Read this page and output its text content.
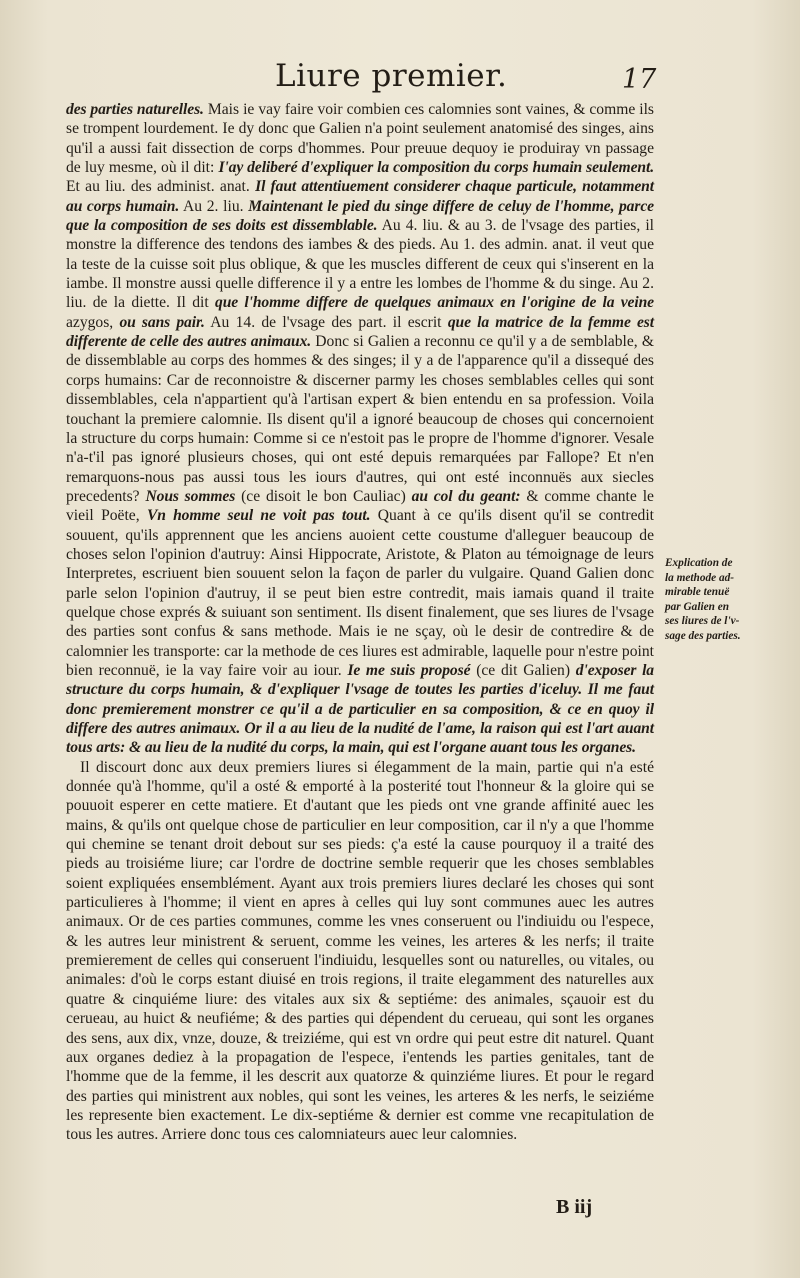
Liure premier.	17

des parties naturelles. Mais ie vay faire voir combien ces calomnies sont vaines, & comme ils se trompent lourdement. Ie dy donc que Galien n'a point seulement anatomisé des singes, ains qu'il a aussi fait dissection de corps d'hommes. Pour preuue dequoy ie produiray vn passage de luy mesme, où il dit: I'ay deliberé d'expliquer la composition du corps humain seulement. Et au liu. des administ. anat. Il faut attentiuement considerer chaque particule, notamment au corps humain. Au 2. liu. Maintenant le pied du singe differe de celuy de l'homme, parce que la composition de ses doits est dissemblable. Au 4. liu. & au 3. de l'vsage des parties, il monstre la difference des tendons des iambes & des pieds. Au 1. des admin. anat. il veut que la teste de la cuisse soit plus oblique, & que les muscles different de ceux qui s'inserent en la iambe. Il monstre aussi quelle difference il y a entre les lombes de l'homme & du singe. Au 2. liu. de la diette. Il dit que l'homme differe de quelques animaux en l'origine de la veine azygos, ou sans pair. Au 14. de l'vsage des part. il escrit que la matrice de la femme est differente de celle des autres animaux. Donc si Galien a reconnu ce qu'il y a de semblable, & de dissemblable au corps des hommes & des singes; il y a de l'apparence qu'il a dissequé des corps humains: Car de reconnoistre & discerner parmy les choses semblables celles qui sont dissemblables, cela n'appartient qu'à l'artisan expert & bien entendu en sa profession. Voila touchant la premiere calomnie. Ils disent qu'il a ignoré beaucoup de choses qui concernoient la structure du corps humain: Comme si ce n'estoit pas le propre de l'homme d'ignorer. Vesale n'a-t'il pas ignoré plusieurs choses, qui ont esté depuis remarquées par Fallope? Et n'en remarquons-nous pas aussi tous les iours d'autres, qui ont esté inconnuës aux siecles precedents? Nous sommes (ce disoit le bon Cauliac) au col du geant: & comme chante le vieil Poëte, Vn homme seul ne voit pas tout. Quant à ce qu'ils disent qu'il se contredit souuent, qu'ils apprennent que les anciens auoient cette coustume d'alleguer beaucoup de choses selon l'opinion d'autruy: Ainsi Hippocrate, Aristote, & Platon au témoignage de leurs Interpretes, escriuent bien souuent selon la façon de parler du vulgaire. Quand Galien donc parle selon l'opinion d'autruy, il se peut bien estre contredit, mais iamais quand il traite quelque chose exprés & suiuant son sentiment. Ils disent finalement, que ses liures de l'vsage des parties sont confus & sans methode. Mais ie ne sçay, où le desir de contredire & de calomnier les transporte: car la methode de ces liures est admirable, laquelle pour n'estre point bien reconnuë, ie la vay faire voir au iour. Ie me suis proposé (ce dit Galien) d'exposer la structure du corps humain, & d'expliquer l'vsage de toutes les parties d'iceluy. Il me faut donc premierement monstrer ce qu'il a de particulier en sa composition, & ce en quoy il differe des autres animaux. Or il a au lieu de la nudité de l'ame, la raison qui est l'art auant tous arts: & au lieu de la nudité du corps, la main, qui est l'organe auant tous les organes.

Il discourt donc aux deux premiers liures si élegamment de la main, partie qui n'a esté donnée qu'à l'homme, qu'il a osté & emporté à la posterité tout l'honneur & la gloire qui se pouuoit esperer en cette matiere. Et d'autant que les pieds ont vne grande affinité auec les mains, & qu'ils ont quelque chose de particulier en leur composition, car il n'y a que l'homme qui chemine se tenant droit debout sur ses pieds: ç'a esté la cause pourquoy il a traité des pieds au troisiéme liure; car l'ordre de doctrine semble requerir que les choses semblables soient expliquées ensemblément. Ayant aux trois premiers liures declaré les choses qui sont particulieres à l'homme; il vient en apres à celles qui luy sont communes auec les autres animaux. Or de ces parties communes, comme les vnes conseruent ou l'indiuidu ou l'espece, & les autres leur ministrent & seruent, comme les veines, les arteres & les nerfs; il traite premierement de celles qui conseruent l'indiuidu, lesquelles sont ou naturelles, ou vitales, ou animales: d'où le corps estant diuisé en trois regions, il traite elegamment des naturelles aux quatre & cinquiéme liure: des vitales aux six & septiéme: des animales, sçauoir est du cerueau, au huict & neufiéme; & des parties qui dépendent du cerueau, qui sont les organes des sens, aux dix, vnze, douze, & treiziéme, qui est vn ordre qui peut estre dit naturel. Quant aux organes dediez à la propagation de l'espece, i'entends les parties genitales, tant de l'homme que de la femme, il les descrit aux quatorze & quinziéme liures. Et pour le regard des parties qui ministrent aux nobles, qui sont les veines, les arteres & les nerfs, le seiziéme les represente bien exactement. Le dix-septiéme & dernier est comme vne recapitulation de tous les autres. Arriere donc tous ces calomniateurs auec leur calomnies.

Explication de
la methode ad-
mirable tenuë
par Galien en
ses liures de l'v-
sage des parties.
B iij
